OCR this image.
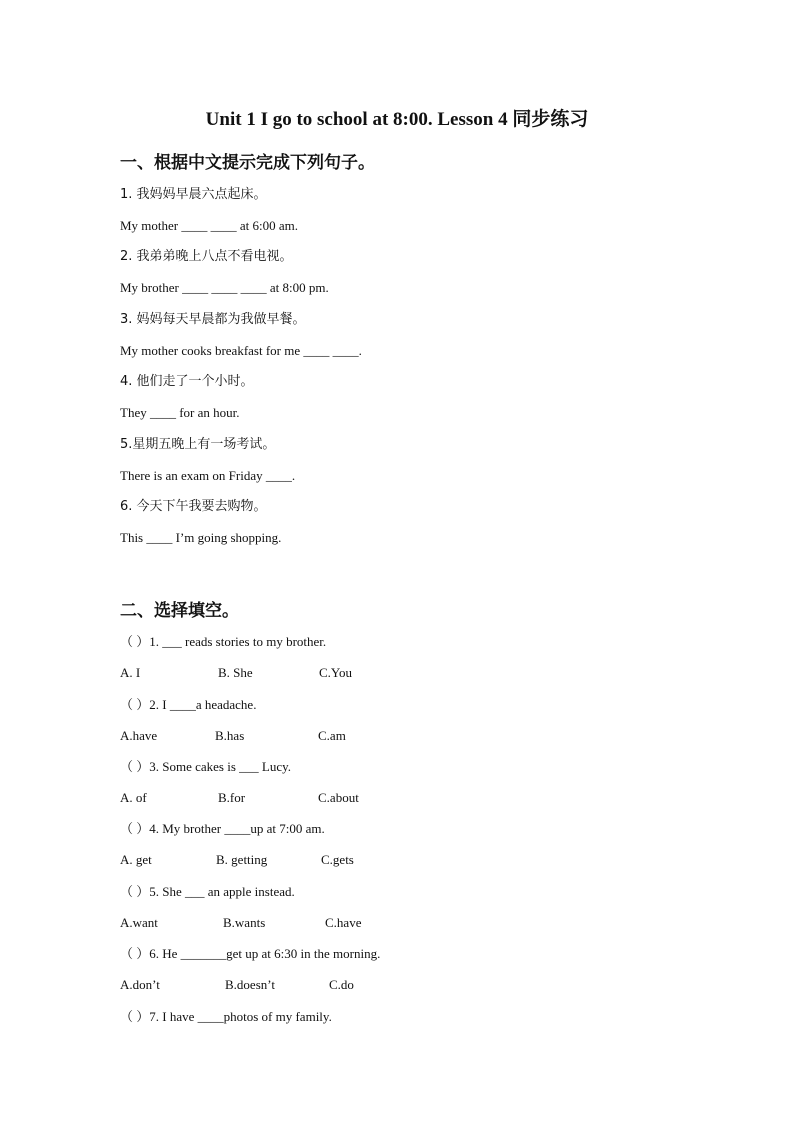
Unit 1 I go to school at 8:00. Lesson 4 同步练习
一、根据中文提示完成下列句子。
1. 我妈妈早晨六点起床。
My mother ____ ____ at 6:00 am.
2. 我弟弟晚上八点不看电视。
My brother ____ ____ ____ at 8:00 pm.
3. 妈妈每天早晨都为我做早餐。
My mother cooks breakfast for me ____ ____.
4. 他们走了一个小时。
They ____ for an hour.
5.星期五晚上有一场考试。
There is an exam on Friday ____.
6. 今天下午我要去购物。
This ____ I’m going shopping.
二、选择填空。
（ ）1. ___ reads stories to my brother.
A. I	B. She	C.You
（ ）2. I ____a headache.
A.have	B.has	C.am
（ ）3. Some cakes is ___ Lucy.
A. of	B.for	C.about
（ ）4. My brother ____up at 7:00 am.
A. get	B. getting	C.gets
（ ）5. She ___ an apple instead.
A.want	B.wants	C.have
（ ）6. He _______get up at 6:30 in the morning.
A.don’t	B.doesn’t	C.do
（ ）7. I have ____photos of my family.
